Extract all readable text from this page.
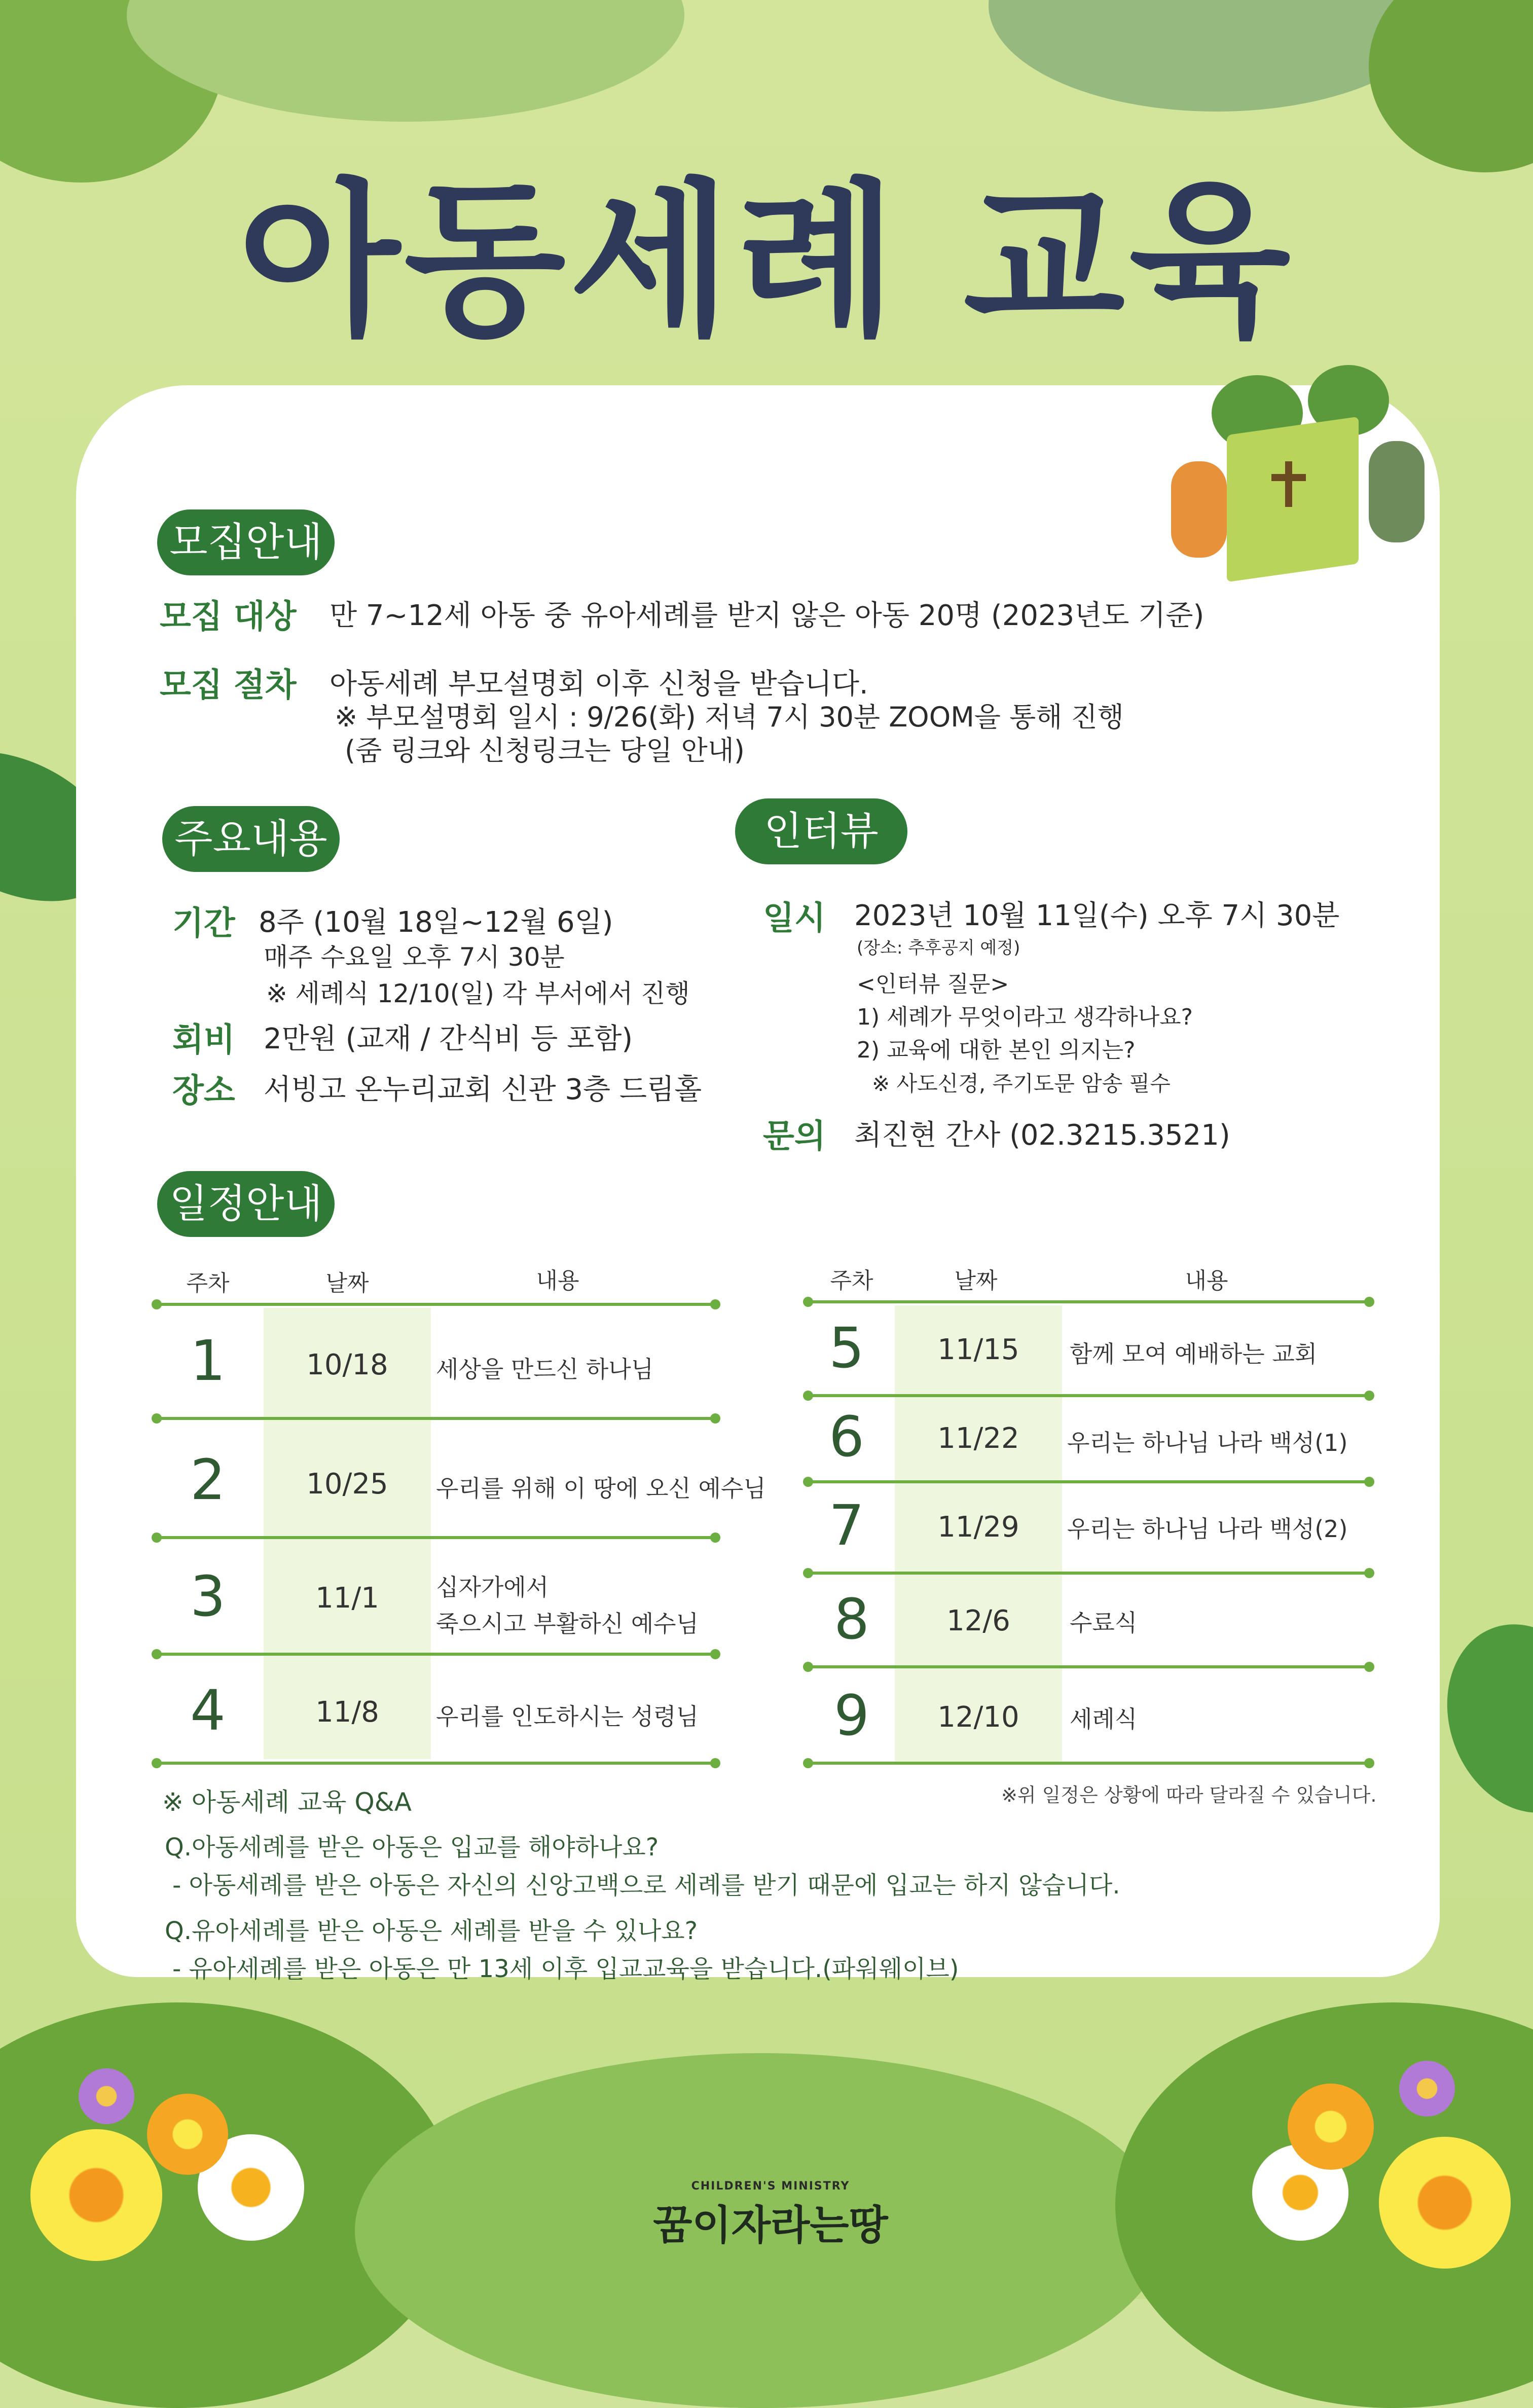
아동세례 교육
모집안내
모집 대상 만 7~12세 아동 중 유아세례를 받지 않은 아동 20명 (2023년도 기준)
모집 절차 아동세례 부모설명회 이후 신청을 받습니다.
※ 부모설명회 일시 : 9/26(화) 저녁 7시 30분 ZOOM을 통해 진행
(줌 링크와 신청링크는 당일 안내)
주요내용
기간 8주 (10월 18일~12월 6일)
매주 수요일 오후 7시 30분
※ 세례식 12/10(일) 각 부서에서 진행
회비 2만원 (교재 / 간식비 등 포함)
장소 서빙고 온누리교회 신관 3층 드림홀
인터뷰
일시 2023년 10월 11일(수) 오후 7시 30분
(장소: 추후공지 예정)
<인터뷰 질문>
1) 세례가 무엇이라고 생각하나요?
2) 교육에 대한 본인 의지는?
※ 사도신경, 주기도문 암송 필수
문의 최진현 간사 (02.3215.3521)
일정안내
주차	날짜	내용
1	10/18	세상을 만드신 하나님
2	10/25	우리를 위해 이 땅에 오신 예수님
3	11/1	십자가에서
죽으시고 부활하신 예수님
4	11/8	우리를 인도하시는 성령님
주차	날짜	내용
5	11/15	함께 모여 예배하는 교회
6	11/22	우리는 하나님 나라 백성(1)
7	11/29	우리는 하나님 나라 백성(2)
8	12/6	수료식
9	12/10	세례식
※위 일정은 상황에 따라 달라질 수 있습니다.
※ 아동세례 교육 Q&A
Q.아동세례를 받은 아동은 입교를 해야하나요?
- 아동세례를 받은 아동은 자신의 신앙고백으로 세례를 받기 때문에 입교는 하지 않습니다.
Q.유아세례를 받은 아동은 세례를 받을 수 있나요?
- 유아세례를 받은 아동은 만 13세 이후 입교교육을 받습니다.(파워웨이브)
CHILDREN'S MINISTRY
꿈이자라는땅
